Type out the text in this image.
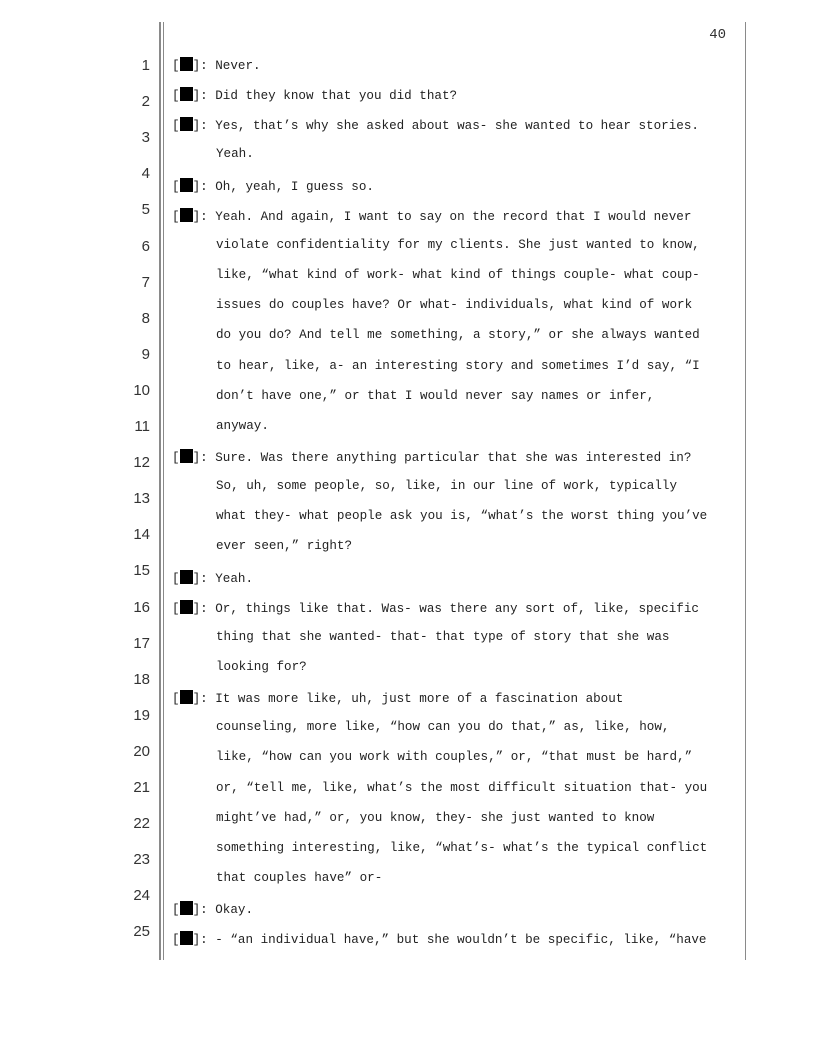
40
1
2
3
4
5
6
7
8
9
10
11
12
13
14
15
16
17
18
19
20
21
22
23
24
25
[ ]: Never.
[ ]: Did they know that you did that?
[ ]: Yes, that’s why she asked about was- she wanted to hear stories.
Yeah.
[ ]: Oh, yeah, I guess so.
[ ]: Yeah. And again, I want to say on the record that I would never
violate confidentiality for my clients. She just wanted to know,
like, “what kind of work- what kind of things couple- what coup-
issues do couples have? Or what- individuals, what kind of work
do you do? And tell me something, a story,” or she always wanted
to hear, like, a- an interesting story and sometimes I’d say, “I
don’t have one,” or that I would never say names or infer,
anyway.
[ ]: Sure. Was there anything particular that she was interested in?
So, uh, some people, so, like, in our line of work, typically
what they- what people ask you is, “what’s the worst thing you’ve
ever seen,” right?
[ ]: Yeah.
[ ]: Or, things like that. Was- was there any sort of, like, specific
thing that she wanted- that- that type of story that she was
looking for?
[ ]: It was more like, uh, just more of a fascination about
counseling, more like, “how can you do that,” as, like, how,
like, “how can you work with couples,” or, “that must be hard,”
or, “tell me, like, what’s the most difficult situation that- you
might’ve had,” or, you know, they- she just wanted to know
something interesting, like, “what’s- what’s the typical conflict
that couples have” or-
[ ]: Okay.
[ ]: - “an individual have,” but she wouldn’t be specific, like, “have
